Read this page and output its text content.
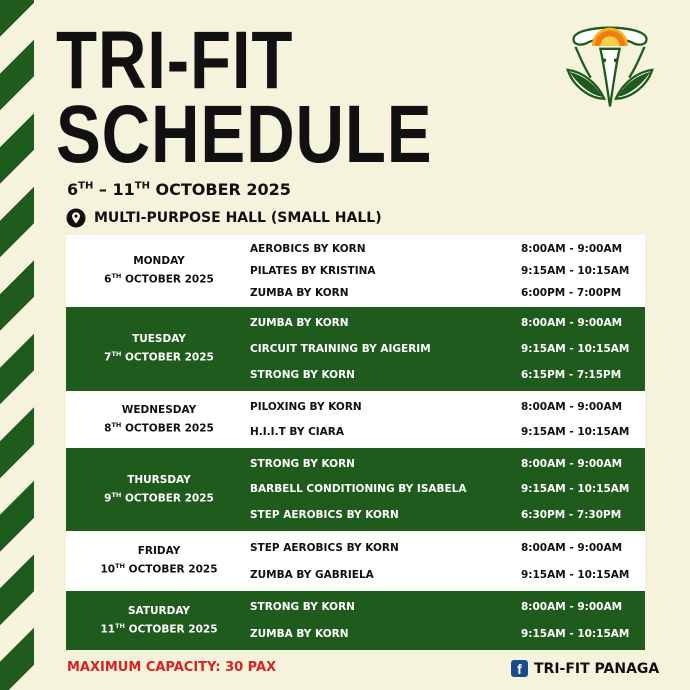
TRI-FIT
SCHEDULE
6TH – 11TH OCTOBER 2025
MULTI-PURPOSE HALL (SMALL HALL)
MONDAY
6TH OCTOBER 2025
AEROBICS BY KORN	8:00AM - 9:00AM
PILATES BY KRISTINA	9:15AM - 10:15AM
ZUMBA BY KORN	6:00PM - 7:00PM
TUESDAY
7TH OCTOBER 2025
ZUMBA BY KORN	8:00AM - 9:00AM
CIRCUIT TRAINING BY AIGERIM	9:15AM - 10:15AM
STRONG BY KORN	6:15PM - 7:15PM
WEDNESDAY
8TH OCTOBER 2025
PILOXING BY KORN	8:00AM - 9:00AM
H.I.I.T BY CIARA	9:15AM - 10:15AM
THURSDAY
9TH OCTOBER 2025
STRONG BY KORN	8:00AM - 9:00AM
BARBELL CONDITIONING BY ISABELA	9:15AM - 10:15AM
STEP AEROBICS BY KORN	6:30PM - 7:30PM
FRIDAY
10TH OCTOBER 2025
STEP AEROBICS BY KORN	8:00AM - 9:00AM
ZUMBA BY GABRIELA	9:15AM - 10:15AM
SATURDAY
11TH OCTOBER 2025
STRONG BY KORN	8:00AM - 9:00AM
ZUMBA BY KORN	9:15AM - 10:15AM
MAXIMUM CAPACITY: 30 PAX	f TRI-FIT PANAGA
